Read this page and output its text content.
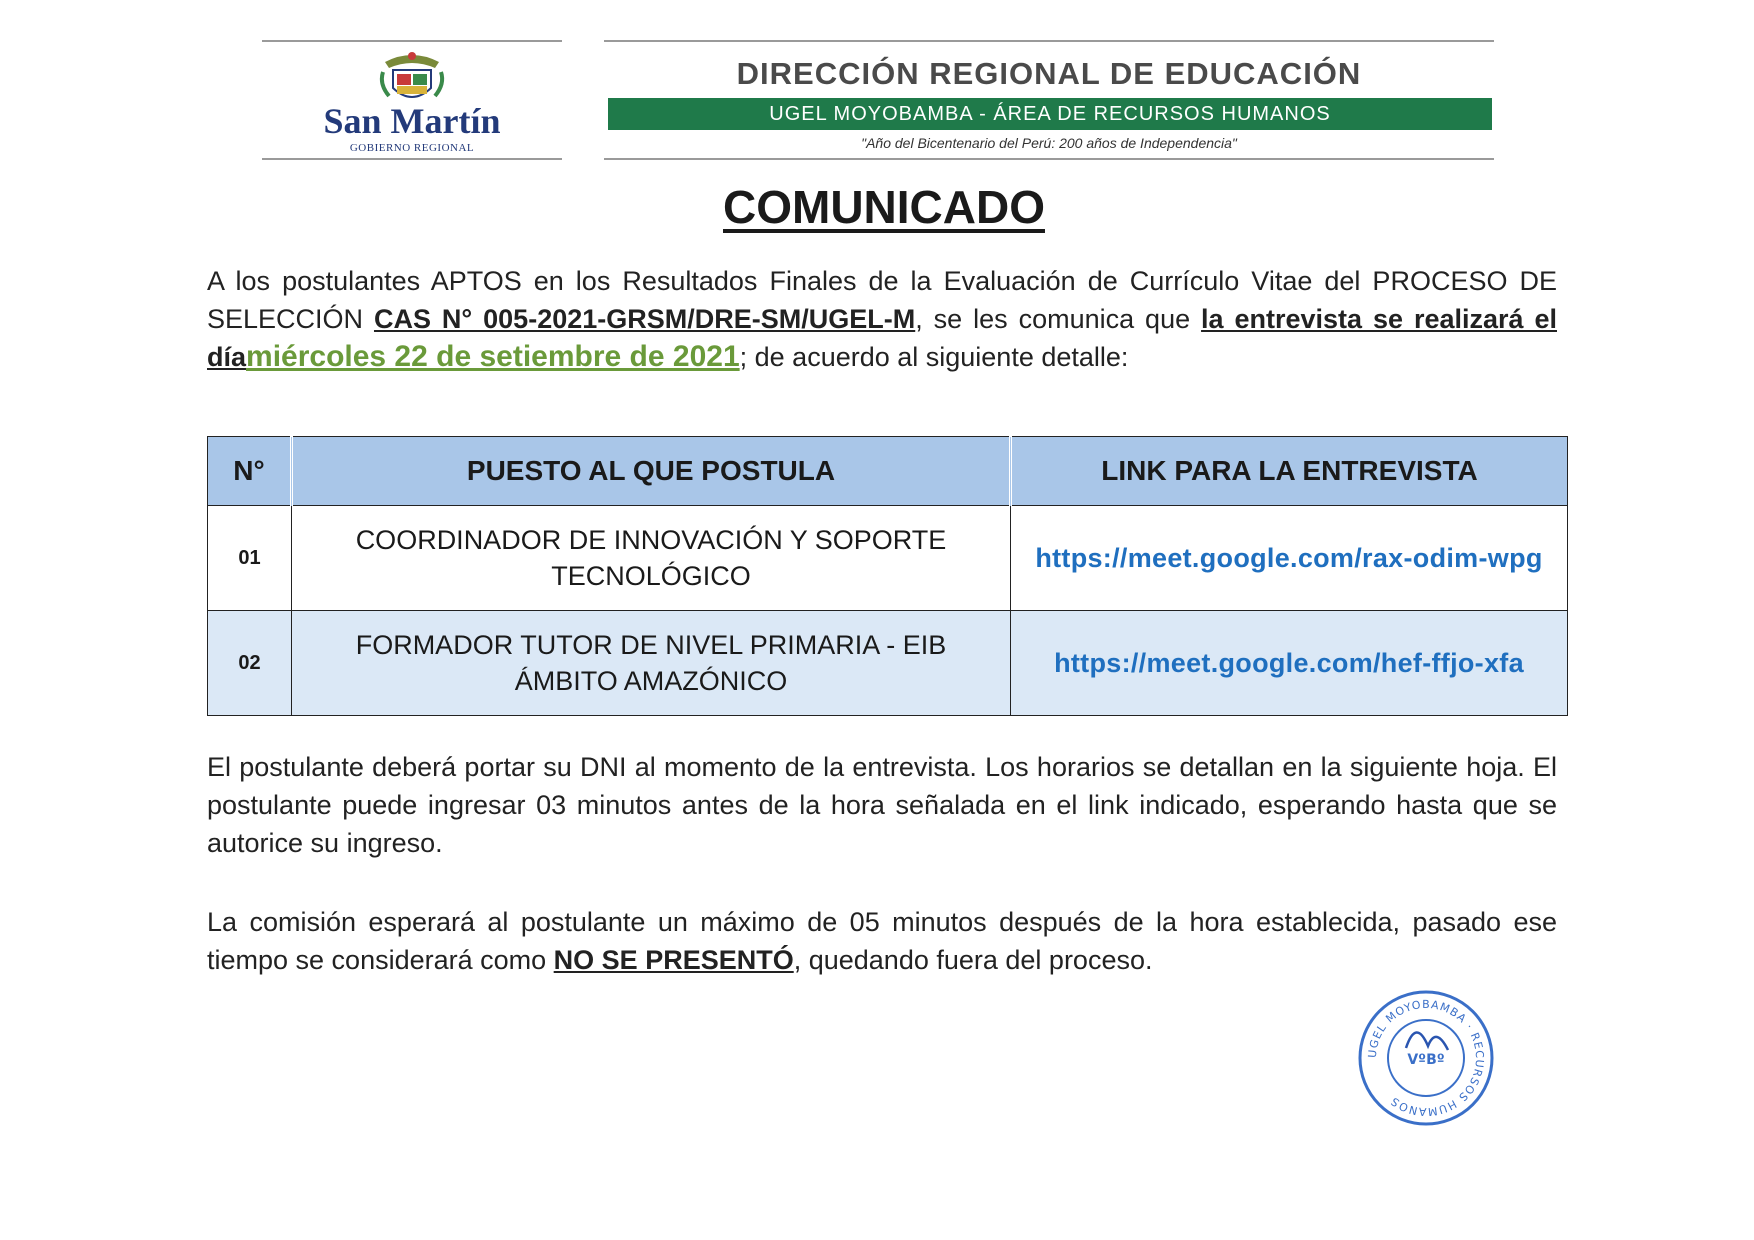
San Martín
GOBIERNO REGIONAL
DIRECCIÓN REGIONAL DE EDUCACIÓN
UGEL MOYOBAMBA - ÁREA DE RECURSOS HUMANOS
"Año del Bicentenario del Perú: 200 años de Independencia"
COMUNICADO

A los postulantes APTOS en los Resultados Finales de la Evaluación de Currículo Vitae del PROCESO DE SELECCIÓN CAS N° 005-2021-GRSM/DRE-SM/UGEL-M, se les comunica que la entrevista se realizará el díamiércoles 22 de setiembre de 2021; de acuerdo al siguiente detalle:

N°	PUESTO AL QUE POSTULA	LINK PARA LA ENTREVISTA
01	COORDINADOR DE INNOVACIÓN Y SOPORTE TECNOLÓGICO	https://meet.google.com/rax-odim-wpg
02	FORMADOR TUTOR DE NIVEL PRIMARIA - EIB ÁMBITO AMAZÓNICO	https://meet.google.com/hef-ffjo-xfa

El postulante deberá portar su DNI al momento de la entrevista. Los horarios se detallan en la siguiente hoja. El postulante puede ingresar 03 minutos antes de la hora señalada en el link indicado, esperando hasta que se autorice su ingreso.

La comisión esperará al postulante un máximo de 05 minutos después de la hora establecida, pasado ese tiempo se considerará como NO SE PRESENTÓ, quedando fuera del proceso.

UGEL MOYOBAMBA · RECURSOS HUMANOS
VºBº
